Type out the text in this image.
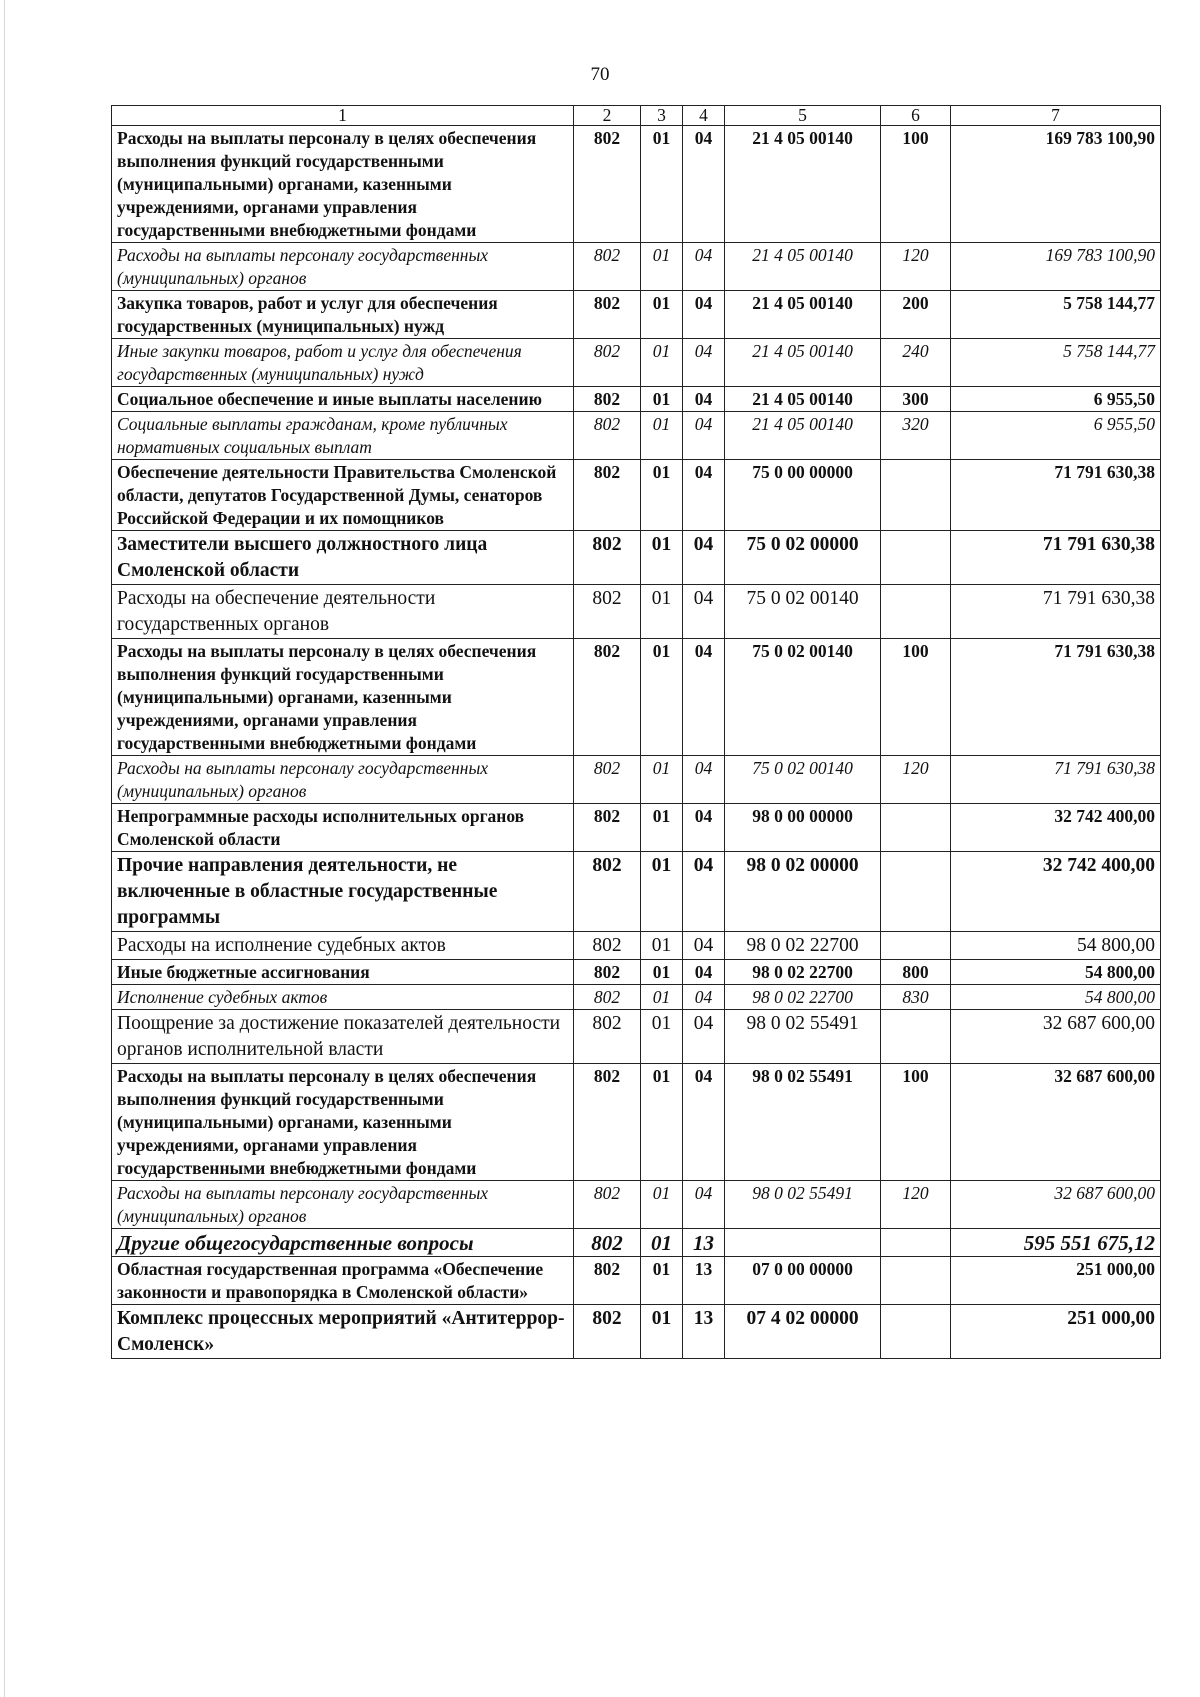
70
1	2	3	4	5	6	7
Расходы на выплаты персоналу в целях обеспечения выполнения функций государственными (муниципальными) органами, казенными учреждениями, органами управления государственными внебюджетными фондами	802	01	04	21 4 05 00140	100	169 783 100,90
Расходы на выплаты персоналу государственных (муниципальных) органов	802	01	04	21 4 05 00140	120	169 783 100,90
Закупка товаров, работ и услуг для обеспечения государственных (муниципальных) нужд	802	01	04	21 4 05 00140	200	5 758 144,77
Иные закупки товаров, работ и услуг для обеспечения государственных (муниципальных) нужд	802	01	04	21 4 05 00140	240	5 758 144,77
Социальное обеспечение и иные выплаты населению	802	01	04	21 4 05 00140	300	6 955,50
Социальные выплаты гражданам, кроме публичных нормативных социальных выплат	802	01	04	21 4 05 00140	320	6 955,50
Обеспечение деятельности Правительства Смоленской области, депутатов Государственной Думы, сенаторов Российской Федерации и их помощников	802	01	04	75 0 00 00000		71 791 630,38
Заместители высшего должностного лица Смоленской области	802	01	04	75 0 02 00000		71 791 630,38
Расходы на обеспечение деятельности государственных органов	802	01	04	75 0 02 00140		71 791 630,38
Расходы на выплаты персоналу в целях обеспечения выполнения функций государственными (муниципальными) органами, казенными учреждениями, органами управления государственными внебюджетными фондами	802	01	04	75 0 02 00140	100	71 791 630,38
Расходы на выплаты персоналу государственных (муниципальных) органов	802	01	04	75 0 02 00140	120	71 791 630,38
Непрограммные расходы исполнительных органов Смоленской области	802	01	04	98 0 00 00000		32 742 400,00
Прочие направления деятельности, не включенные в областные государственные программы	802	01	04	98 0 02 00000		32 742 400,00
Расходы на исполнение судебных актов	802	01	04	98 0 02 22700		54 800,00
Иные бюджетные ассигнования	802	01	04	98 0 02 22700	800	54 800,00
Исполнение судебных актов	802	01	04	98 0 02 22700	830	54 800,00
Поощрение за достижение показателей деятельности органов исполнительной власти	802	01	04	98 0 02 55491		32 687 600,00
Расходы на выплаты персоналу в целях обеспечения выполнения функций государственными (муниципальными) органами, казенными учреждениями, органами управления государственными внебюджетными фондами	802	01	04	98 0 02 55491	100	32 687 600,00
Расходы на выплаты персоналу государственных (муниципальных) органов	802	01	04	98 0 02 55491	120	32 687 600,00
Другие общегосударственные вопросы	802	01	13			595 551 675,12
Областная государственная программа «Обеспечение законности и правопорядка в Смоленской области»	802	01	13	07 0 00 00000		251 000,00
Комплекс процессных мероприятий «Антитеррор-Смоленск»	802	01	13	07 4 02 00000		251 000,00
